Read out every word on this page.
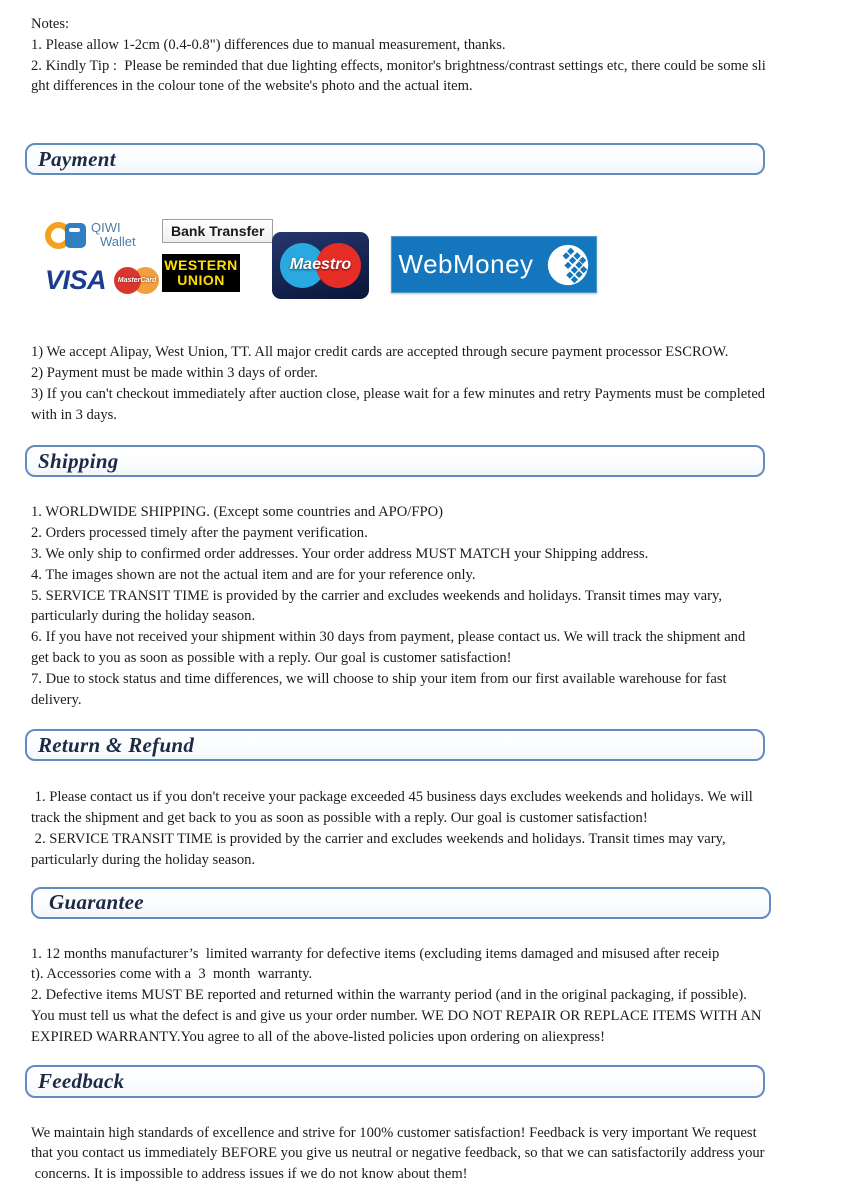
Notes:
1. Please allow 1-2cm (0.4-0.8") differences due to manual measurement, thanks.
2. Kindly Tip :  Please be reminded that due lighting effects, monitor's brightness/contrast settings etc, there could be some sli
ght differences in the colour tone of the website's photo and the actual item.
Payment
QIWI
Wallet
VISA	MasterCard
Bank Transfer
WESTERN
UNION
Maestro	WebMoney
1) We accept Alipay, West Union, TT. All major credit cards are accepted through secure payment processor ESCROW.
2) Payment must be made within 3 days of order.
3) If you can't checkout immediately after auction close, please wait for a few minutes and retry Payments must be completed
with in 3 days.
Shipping
1. WORLDWIDE SHIPPING. (Except some countries and APO/FPO)
2. Orders processed timely after the payment verification.
3. We only ship to confirmed order addresses. Your order address MUST MATCH your Shipping address.
4. The images shown are not the actual item and are for your reference only.
5. SERVICE TRANSIT TIME is provided by the carrier and excludes weekends and holidays. Transit times may vary,
particularly during the holiday season.
6. If you have not received your shipment within 30 days from payment, please contact us. We will track the shipment and
get back to you as soon as possible with a reply. Our goal is customer satisfaction!
7. Due to stock status and time differences, we will choose to ship your item from our first available warehouse for fast
delivery.
Return & Refund
1. Please contact us if you don't receive your package exceeded 45 business days excludes weekends and holidays. We will
track the shipment and get back to you as soon as possible with a reply. Our goal is customer satisfaction!
2. SERVICE TRANSIT TIME is provided by the carrier and excludes weekends and holidays. Transit times may vary,
particularly during the holiday season.
Guarantee
1. 12 months manufacturer’s  limited warranty for defective items (excluding items damaged and misused after receip
t). Accessories come with a  3  month  warranty.
2. Defective items MUST BE reported and returned within the warranty period (and in the original packaging, if possible).
You must tell us what the defect is and give us your order number. WE DO NOT REPAIR OR REPLACE ITEMS WITH AN
EXPIRED WARRANTY.You agree to all of the above-listed policies upon ordering on aliexpress!
Feedback
We maintain high standards of excellence and strive for 100% customer satisfaction! Feedback is very important We request
that you contact us immediately BEFORE you give us neutral or negative feedback, so that we can satisfactorily address your
concerns. It is impossible to address issues if we do not know about them!
